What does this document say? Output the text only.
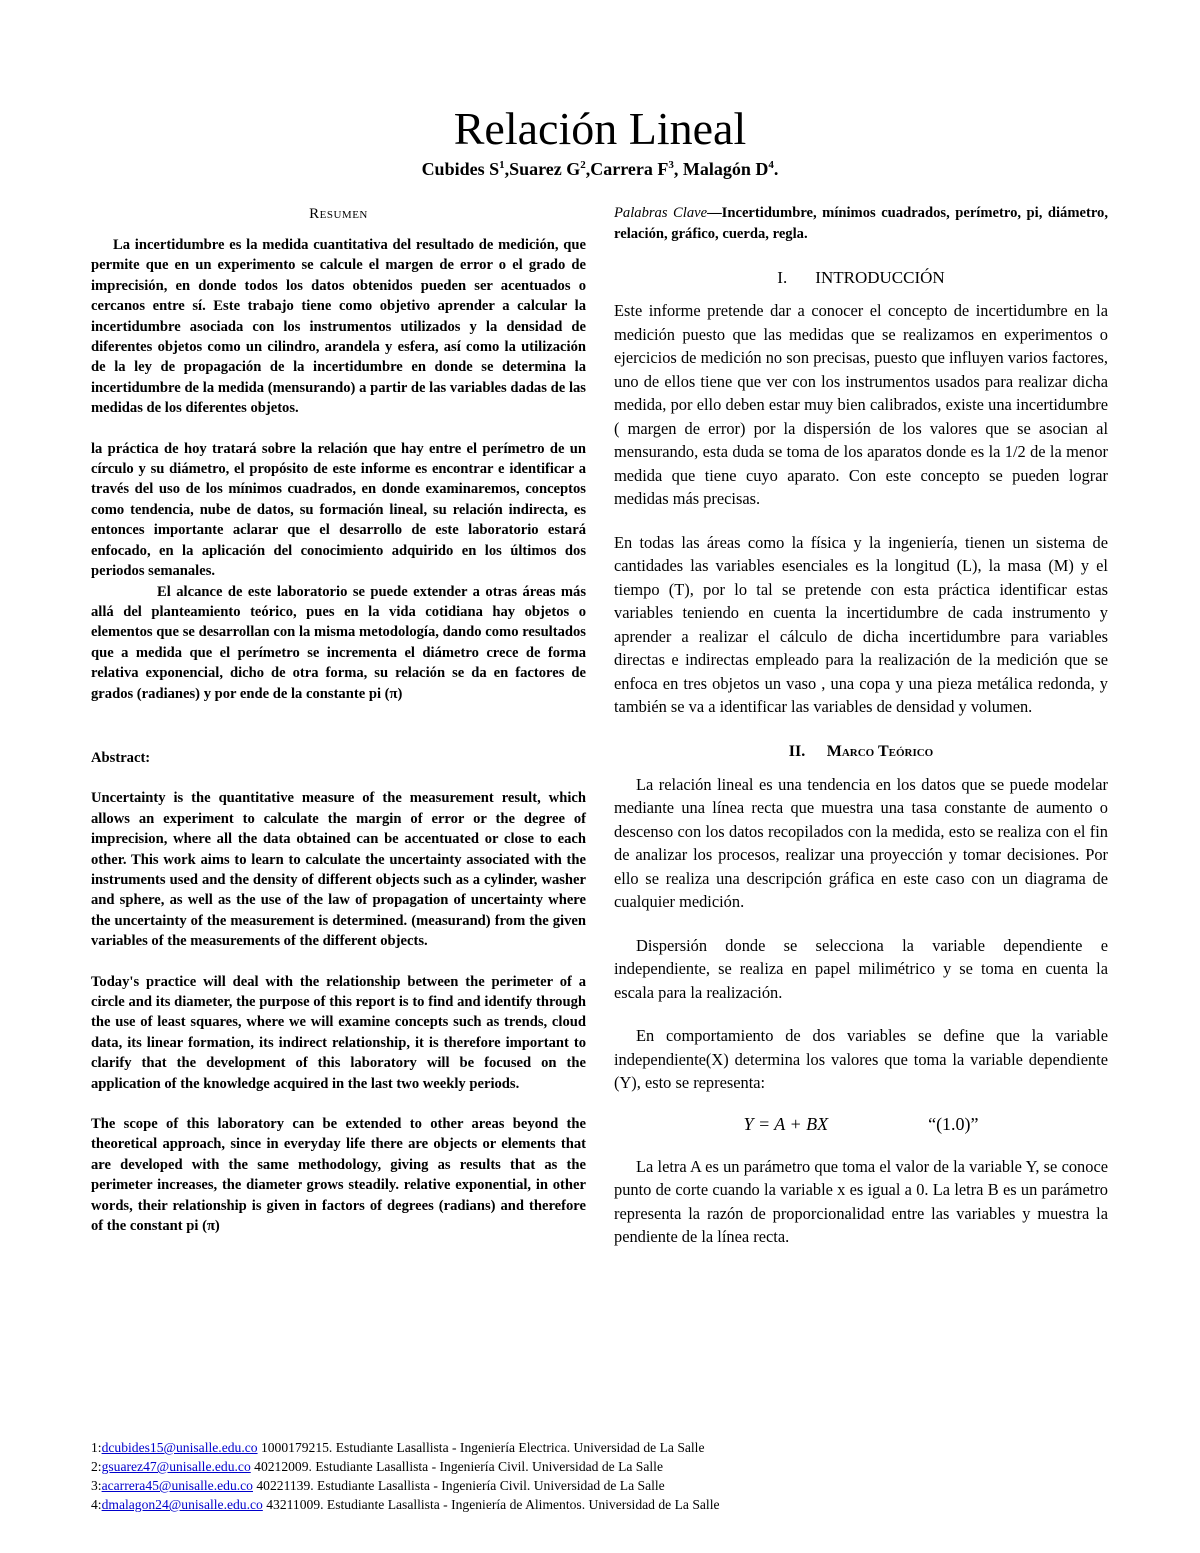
Relación Lineal
Cubides $S^1,Suarez$ $G^2,Carrera$ $F^3$, Malagón $D^4$.
Resumen

La incertidumbre es la medida cuantitativa del resultado de medición, que permite que en un experimento se calcule el margen de error o el grado de imprecisión, en donde todos los datos obtenidos pueden ser acentuados o cercanos entre sí. Este trabajo tiene como objetivo aprender a calcular la incertidumbre asociada con los instrumentos utilizados y la densidad de diferentes objetos como un cilindro, arandela y esfera, así como la utilización de la ley de propagación de la incertidumbre en donde se determina la incertidumbre de la medida (mensurando) a partir de las variables dadas de las medidas de los diferentes objetos.

la práctica de hoy tratará sobre la relación que hay entre el perímetro de un círculo y su diámetro, el propósito de este informe es encontrar e identificar a través del uso de los mínimos cuadrados, en donde examinaremos, conceptos como tendencia, nube de datos, su formación lineal, su relación indirecta, es entonces importante aclarar que el desarrollo de este laboratorio estará enfocado, en la aplicación del conocimiento adquirido en los últimos dos periodos semanales.

El alcance de este laboratorio se puede extender a otras áreas más allá del planteamiento teórico, pues en la vida cotidiana hay objetos o elementos que se desarrollan con la misma metodología, dando como resultados que a medida que el perímetro se incrementa el diámetro crece de forma relativa exponencial, dicho de otra forma, su relación se da en factores de grados (radianes) y por ende de la constante pi (π)

Abstract:

Uncertainty is the quantitative measure of the measurement result, which allows an experiment to calculate the margin of error or the degree of imprecision, where all the data obtained can be accentuated or close to each other. This work aims to learn to calculate the uncertainty associated with the instruments used and the density of different objects such as a cylinder, washer and sphere, as well as the use of the law of propagation of uncertainty where the uncertainty of the measurement is determined. (measurand) from the given variables of the measurements of the different objects.

Today's practice will deal with the relationship between the perimeter of a circle and its diameter, the purpose of this report is to find and identify through the use of least squares, where we will examine concepts such as trends, cloud data, its linear formation, its indirect relationship, it is therefore important to clarify that the development of this laboratory will be focused on the application of the knowledge acquired in the last two weekly periods.

The scope of this laboratory can be extended to other areas beyond the theoretical approach, since in everyday life there are objects or elements that are developed with the same methodology, giving as results that as the perimeter increases, the diameter grows steadily. relative exponential, in other words, their relationship is given in factors of degrees (radians) and therefore of the constant pi (π)

Palabras Clave—Incertidumbre, mínimos cuadrados, perímetro, pi, diámetro, relación, gráfico, cuerda, regla.

I. INTRODUCCIÓN

Este informe pretende dar a conocer el concepto de incertidumbre en la medición puesto que las medidas que se realizamos en experimentos o ejercicios de medición no son precisas, puesto que influyen varios factores, uno de ellos tiene que ver con los instrumentos usados para realizar dicha medida, por ello deben estar muy bien calibrados, existe una incertidumbre ( margen de error) por la dispersión de los valores que se asocian al mensurando, esta duda se toma de los aparatos donde es la 1/2 de la menor medida que tiene cuyo aparato. Con este concepto se pueden lograr medidas más precisas.

En todas las áreas como la física y la ingeniería, tienen un sistema de cantidades las variables esenciales es la longitud (L), la masa (M) y el tiempo (T), por lo tal se pretende con esta práctica identificar estas variables teniendo en cuenta la incertidumbre de cada instrumento y aprender a realizar el cálculo de dicha incertidumbre para variables directas e indirectas empleado para la realización de la medición que se enfoca en tres objetos un vaso , una copa y una pieza metálica redonda, y también se va a identificar las variables de densidad y volumen.

II. Marco Teórico

La relación lineal es una tendencia en los datos que se puede modelar mediante una línea recta que muestra una tasa constante de aumento o descenso con los datos recopilados con la medida, esto se realiza con el fin de analizar los procesos, realizar una proyección y tomar decisiones. Por ello se realiza una descripción gráfica en este caso con un diagrama de cualquier medición.

Dispersión donde se selecciona la variable dependiente e independiente, se realiza en papel milimétrico y se toma en cuenta la escala para la realización.

En comportamiento de dos variables se define que la variable independiente(X) determina los valores que toma la variable dependiente (Y), esto se representa:

Y = A + BX	“(1.0)”

La letra A es un parámetro que toma el valor de la variable Y, se conoce punto de corte cuando la variable x es igual a 0. La letra B es un parámetro representa la razón de proporcionalidad entre las variables y muestra la pendiente de la línea recta.

1:dcubides15@unisalle.edu.co 1000179215. Estudiante Lasallista - Ingeniería Electrica. Universidad de La Salle
2:gsuarez47@unisalle.edu.co 40212009. Estudiante Lasallista - Ingeniería Civil. Universidad de La Salle
3:acarrera45@unisalle.edu.co 40221139. Estudiante Lasallista - Ingeniería Civil. Universidad de La Salle
4:dmalagon24@unisalle.edu.co 43211009. Estudiante Lasallista - Ingeniería de Alimentos. Universidad de La Salle
